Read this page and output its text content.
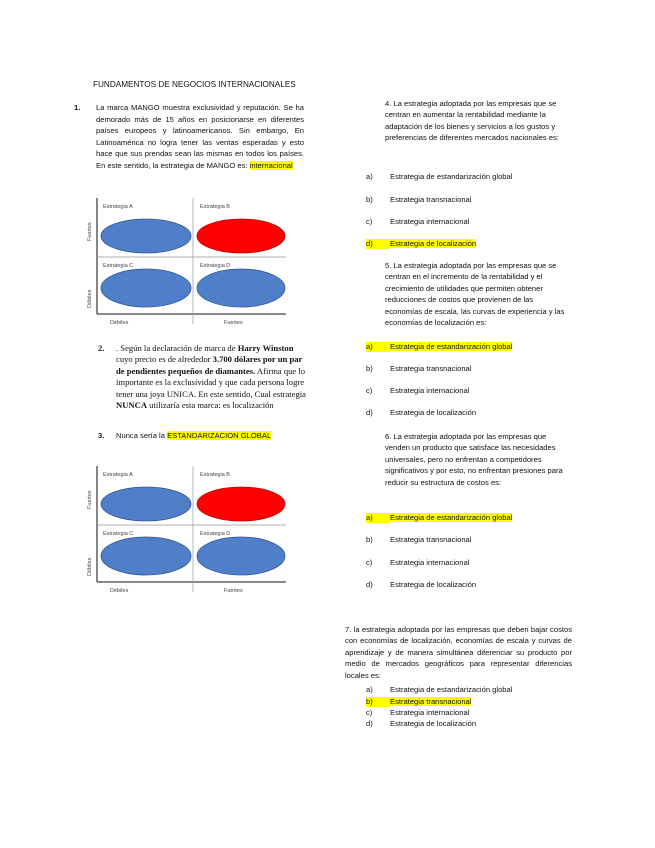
FUNDAMENTOS DE NEGOCIOS INTERNACIONALES
1. La marca MANGO muestra exclusividad y reputación. Se ha demorado más de 15 años en posicionarse en diferentes países europeos y latinoamericanos. Sin embargo, En Latinoamérica no logra tener las ventas esperadas y esto hace que sus prendas sean las mismas en todos los países. En este sentido, la estrategia de MANGO es: internacional
Estrategia A	Estrategia B
Estrategia C	Estrategia D
Fuertes
Débiles
Débiles	Fuertes
2. . Según la declaración de marca de Harry Winston cuyo precio es de alrededor 3.700 dólares por un par de pendientes pequeños de diamantes. Afirma que lo importante es la exclusividad y que cada persona logre tener una joya UNICA. En este sentido, Cual estrategia NUNCA utilizaría esta marca: es localización
3. Nunca sería la ESTANDARIZACION GLOBAL
Estrategia A	Estrategia B
Estrategia C	Estrategia D
Fuertes
Débiles
Débiles	Fuertes
4. La estrategia adoptada por las empresas que se centran en aumentar la rentabilidad mediante la adaptación de los bienes y servicios a los gustos y preferencias de diferentes mercados nacionales es:
a) Estrategia de estandarización global
b) Estrategia transnacional
c) Estrategia internacional
d) Estrategia de localización
5. La estrategia adoptada por las empresas que se centran en el incremento de la rentabilidad y el crecimiento de utilidades que permiten obtener reducciones de costos que provienen de las economías de escala, las curvas de experiencia y las economías de localización es:
a) Estrategia de estandarización global
b) Estrategia transnacional
c) Estrategia internacional
d) Estrategia de localización
6. La estrategia adoptada por las empresas que venden un producto que satisface las necesidades universales, pero no enfrentan a competidores significativos y por esto, no enfrentan presiones para reducir su estructura de costos es:
a) Estrategia de estandarización global
b) Estrategia transnacional
c) Estrategia internacional
d) Estrategia de localización
7. la estrategia adoptada por las empresas que deben bajar costos con economías de localización, economías de escala y curvas de aprendizaje y de manera simultánea diferenciar su producto por medio de mercados geográficos para representar diferencias locales es:
a) Estrategia de estandarización global
b) Estrategia transnacional
c) Estrategia internacional
d) Estrategia de localización
